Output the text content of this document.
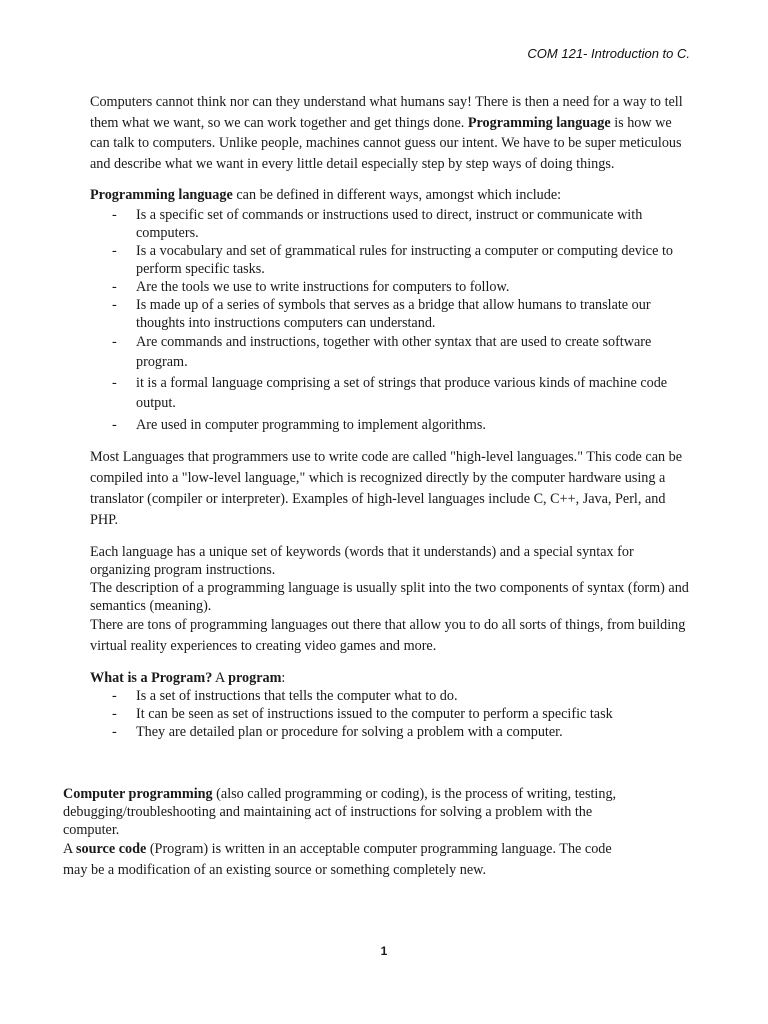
COM 121- Introduction to C.

Computers cannot think nor can they understand what humans say! There is then a need for a way to tell them what we want, so we can work together and get things done. Programming language is how we can talk to computers. Unlike people, machines cannot guess our intent. We have to be super meticulous and describe what we want in every little detail especially step by step ways of doing things.

Programming language can be defined in different ways, amongst which include:

- Is a specific set of commands or instructions used to direct, instruct or communicate with computers.
- Is a vocabulary and set of grammatical rules for instructing a computer or computing device to perform specific tasks.
- Are the tools we use to write instructions for computers to follow.
- Is made up of a series of symbols that serves as a bridge that allow humans to translate our thoughts into instructions computers can understand.
- Are commands and instructions, together with other syntax that are used to create software program.
- it is a formal language comprising a set of strings that produce various kinds of machine code output.
- Are used in computer programming to implement algorithms.

Most Languages that programmers use to write code are called "high-level languages." This code can be compiled into a "low-level language," which is recognized directly by the computer hardware using a translator (compiler or interpreter). Examples of high-level languages include C, C++, Java, Perl, and PHP.

Each language has a unique set of keywords (words that it understands) and a special syntax for organizing program instructions.

The description of a programming language is usually split into the two components of syntax (form) and semantics (meaning).

There are tons of programming languages out there that allow you to do all sorts of things, from building virtual reality experiences to creating video games and more.

What is a Program? A program:

- Is a set of instructions that tells the computer what to do.
- It can be seen as set of instructions issued to the computer to perform a specific task
- They are detailed plan or procedure for solving a problem with a computer.

Computer programming (also called programming or coding), is the process of writing, testing, debugging/troubleshooting and maintaining act of instructions for solving a problem with the computer.

A source code (Program) is written in an acceptable computer programming language. The code may be a modification of an existing source or something completely new.

1
